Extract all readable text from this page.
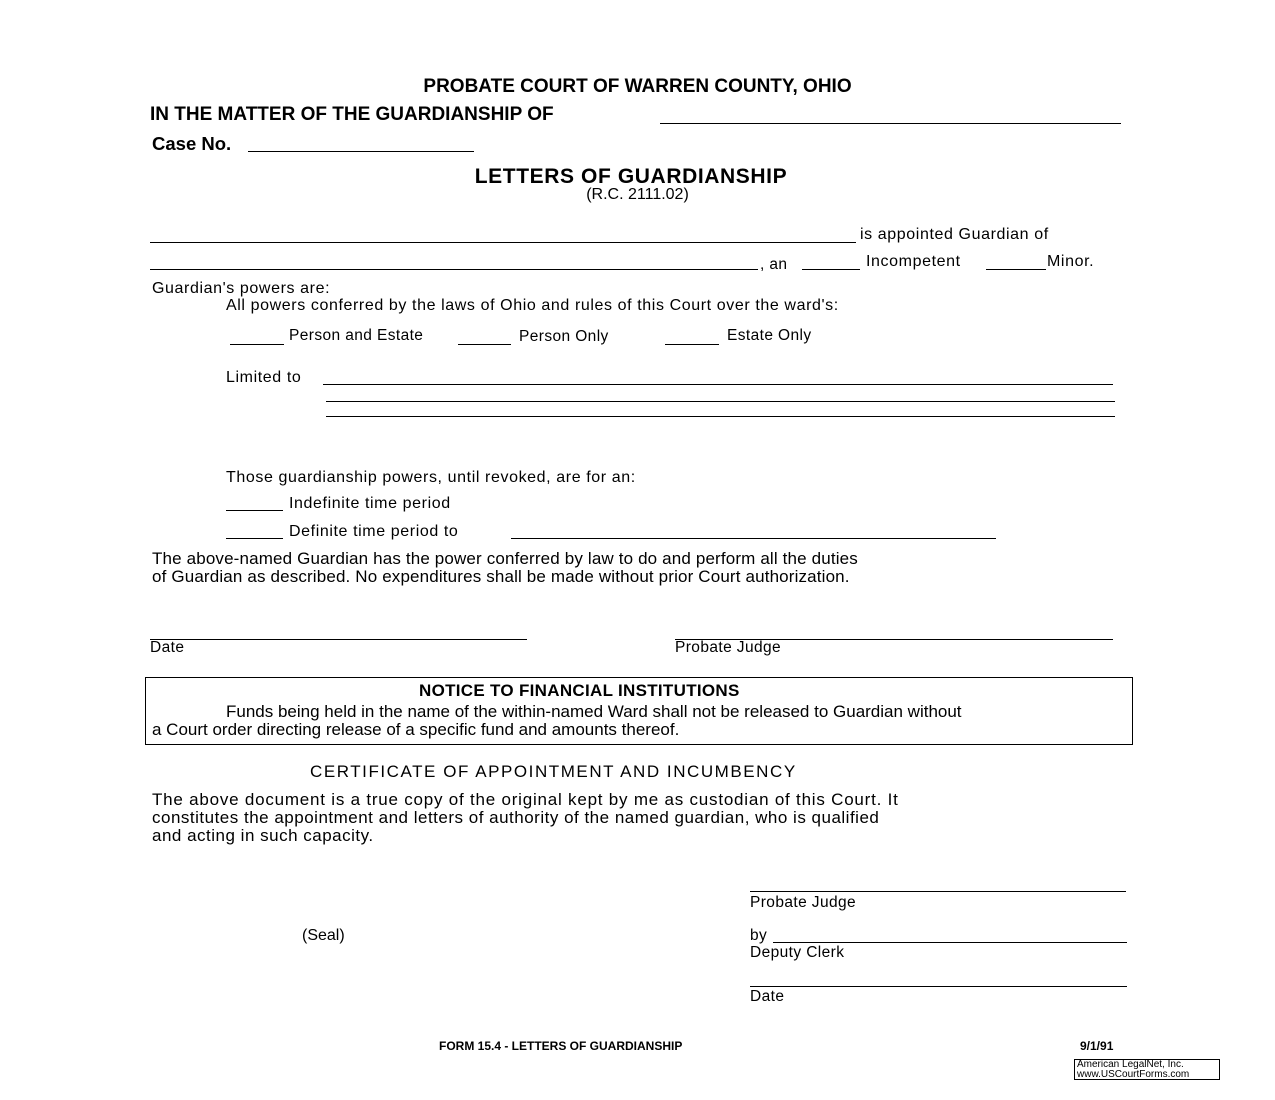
PROBATE COURT OF WARREN COUNTY, OHIO
IN THE MATTER OF THE GUARDIANSHIP OF
Case No.
LETTERS OF GUARDIANSHIP
(R.C. 2111.02)
is appointed Guardian of
, an	Incompetent	Minor.
Guardian's powers are:
All powers conferred by the laws of Ohio and rules of this Court over the ward's:
Person and Estate	Person Only	Estate Only
Limited to
Those guardianship powers, until revoked, are for an:
Indefinite time period
Definite time period to
The above-named Guardian has the power conferred by law to do and perform all the duties
of Guardian as described. No expenditures shall be made without prior Court authorization.
Date	Probate Judge
NOTICE TO FINANCIAL INSTITUTIONS
Funds being held in the name of the within-named Ward shall not be released to Guardian without
a Court order directing release of a specific fund and amounts thereof.
CERTIFICATE OF APPOINTMENT AND INCUMBENCY
The above document is a true copy of the original kept by me as custodian of this Court. It
constitutes the appointment and letters of authority of the named guardian, who is qualified
and acting in such capacity.
Probate Judge
(Seal)	by
Deputy Clerk
Date
FORM 15.4 - LETTERS OF GUARDIANSHIP	9/1/91
American LegalNet, Inc.
www.USCourtForms.com
